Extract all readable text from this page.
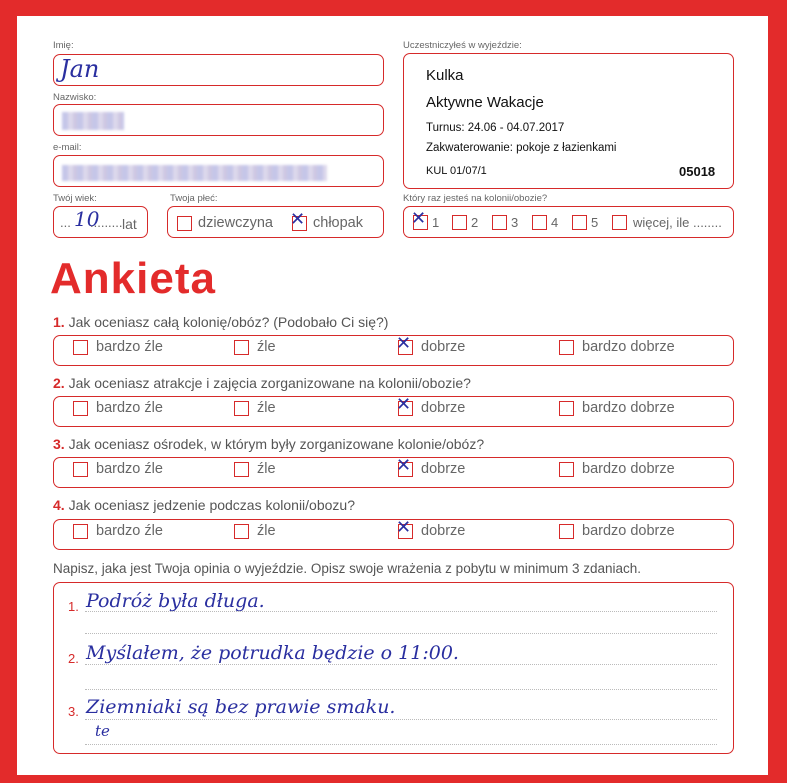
Imię:
Jan
Nazwisko:
e-mail:
Twój wiek:
... 10
......... lat
Twoja płeć:
dziewczyna ✕ chłopak
Uczestniczyłeś w wyjeździe:
Kulka
Aktywne Wakacje
Turnus: 24.06 - 04.07.2017
Zakwaterowanie: pokoje z łazienkami
KUL 01/07/1	05018
Który raz jesteś na kolonii/obozie?
✕ 1 2	3	4	5	więcej, ile ........
Ankieta
1. Jak oceniasz całą kolonię/obóz? (Podobało Ci się?)
bardzo źle	źle	✕ dobrze	bardzo dobrze
2. Jak oceniasz atrakcje i zajęcia zorganizowane na kolonii/obozie?
bardzo źle	źle	✕ dobrze	bardzo dobrze
3. Jak oceniasz ośrodek, w którym były zorganizowane kolonie/obóz?
bardzo źle	źle	✕ dobrze	bardzo dobrze
4. Jak oceniasz jedzenie podczas kolonii/obozu?
bardzo źle	źle	✕ dobrze	bardzo dobrze
Napisz, jaka jest Twoja opinia o wyjeździe. Opisz swoje wrażenia z pobytu w minimum 3 zdaniach.
1. Podróż była długa.
2. Myślałem, że potrudka będzie o 11:00.
3. Ziemniaki są bez prawie smaku.
te
